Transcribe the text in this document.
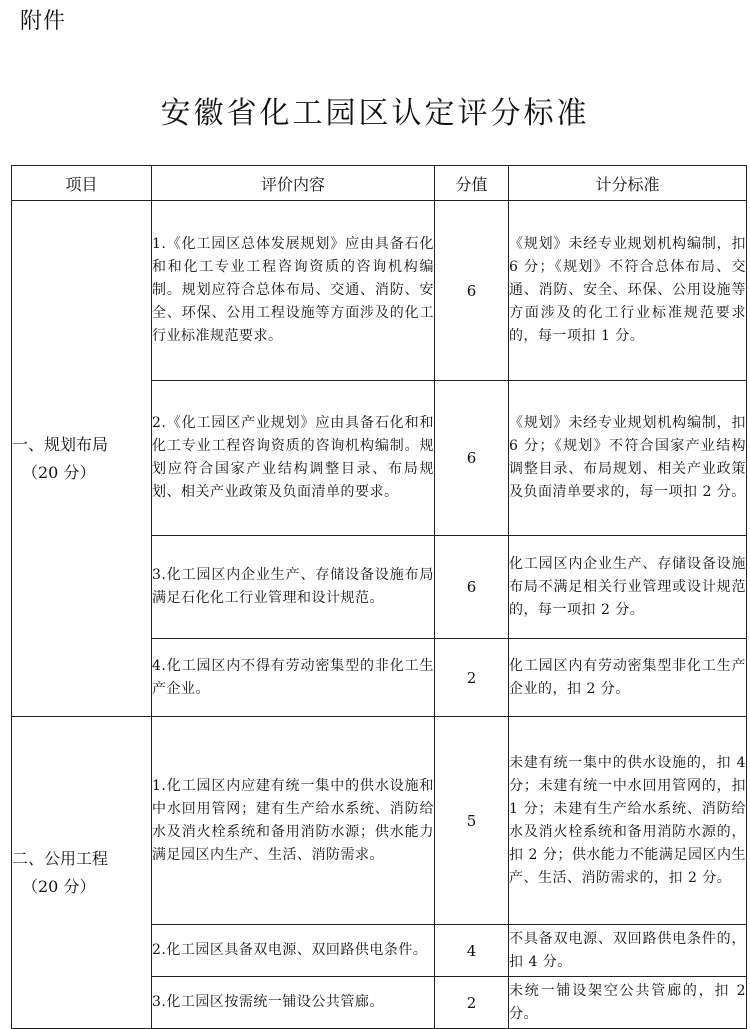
附件
安徽省化工园区认定评分标准
项目	评价内容	分值	计分标准

一、规划布局
（20 分）	1.《化工园区总体发展规划》应由具备石化和和化工专业工程咨询资质的咨询机构编制。规划应符合总体布局、交通、消防、安全、环保、公用工程设施等方面涉及的化工行业标准规范要求。	6	《规划》未经专业规划机构编制，扣 6 分；《规划》不符合总体布局、交通、消防、安全、环保、公用设施等方面涉及的化工行业标准规范要求的，每一项扣 1 分。
	2.《化工园区产业规划》应由具备石化和和化工专业工程咨询资质的咨询机构编制。规划应符合国家产业结构调整目录、布局规划、相关产业政策及负面清单的要求。	6	《规划》未经专业规划机构编制，扣 6 分；《规划》不符合国家产业结构调整目录、布局规划、相关产业政策及负面清单要求的，每一项扣 2 分。
	3.化工园区内企业生产、存储设备设施布局满足石化化工行业管理和设计规范。	6	化工园区内企业生产、存储设备设施布局不满足相关行业管理或设计规范的，每一项扣 2 分。
	4.化工园区内不得有劳动密集型的非化工生产企业。	2	化工园区内有劳动密集型非化工生产企业的，扣 2 分。

二、公用工程
（20 分）	1.化工园区内应建有统一集中的供水设施和中水回用管网；建有生产给水系统、消防给水及消火栓系统和备用消防水源；供水能力满足园区内生产、生活、消防需求。	5	未建有统一集中的供水设施的，扣 4 分；未建有统一中水回用管网的，扣 1 分；未建有生产给水系统、消防给水及消火栓系统和备用消防水源的，扣 2 分；供水能力不能满足园区内生产、生活、消防需求的，扣 2 分。
	2.化工园区具备双电源、双回路供电条件。	4	不具备双电源、双回路供电条件的，扣 4 分。
	3.化工园区按需统一铺设公共管廊。	2	未统一铺设架空公共管廊的，扣 2 分。
